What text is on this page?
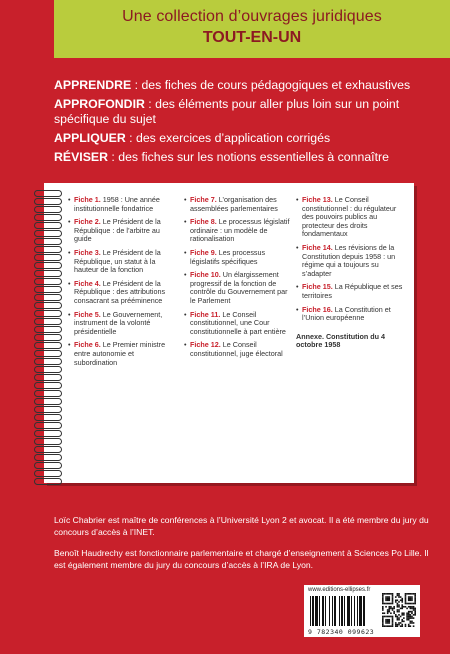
Une collection d’ouvrages juridiques
TOUT-EN-UN
APPRENDRE : des fiches de cours pédagogiques et exhaustives
APPROFONDIR : des éléments pour aller plus loin sur un point spécifique du sujet
APPLIQUER : des exercices d’application corrigés
RÉVISER : des fiches sur les notions essentielles à connaître
• Fiche 1. 1958 : Une année institutionnelle fondatrice
• Fiche 2. Le Président de la République : de l’arbitre au guide
• Fiche 3. Le Président de la République, un statut à la hauteur de la fonction
• Fiche 4. Le Président de la République : des attributions consacrant sa prééminence
• Fiche 5. Le Gouvernement, instrument de la volonté présidentielle
• Fiche 6. Le Premier ministre entre autonomie et subordination
• Fiche 7. L’organisation des assemblées parlementaires
• Fiche 8. Le processus législatif ordinaire : un modèle de rationalisation
• Fiche 9. Les processus législatifs spécifiques
• Fiche 10. Un élargissement progressif de la fonction de contrôle du Gouvernement par le Parlement
• Fiche 11. Le Conseil constitutionnel, une Cour constitutionnelle à part entière
• Fiche 12. Le Conseil constitutionnel, juge électoral
• Fiche 13. Le Conseil constitutionnel : du régulateur des pouvoirs publics au protecteur des droits fondamentaux
• Fiche 14. Les révisions de la Constitution depuis 1958 : un régime qui a toujours su s’adapter
• Fiche 15. La République et ses territoires
• Fiche 16. La Constitution et l’Union européenne
Annexe. Constitution du 4 octobre 1958

Loïc Chabrier est maître de conférences à l’Université Lyon 2 et avocat. Il a été membre du jury du concours d’accès à l’INET.

Benoît Haudrechy est fonctionnaire parlementaire et chargé d’enseignement à Sciences Po Lille. Il est également membre du jury du concours d’accès à l’IRA de Lyon.

www.editions-ellipses.fr
9 782340 099623
